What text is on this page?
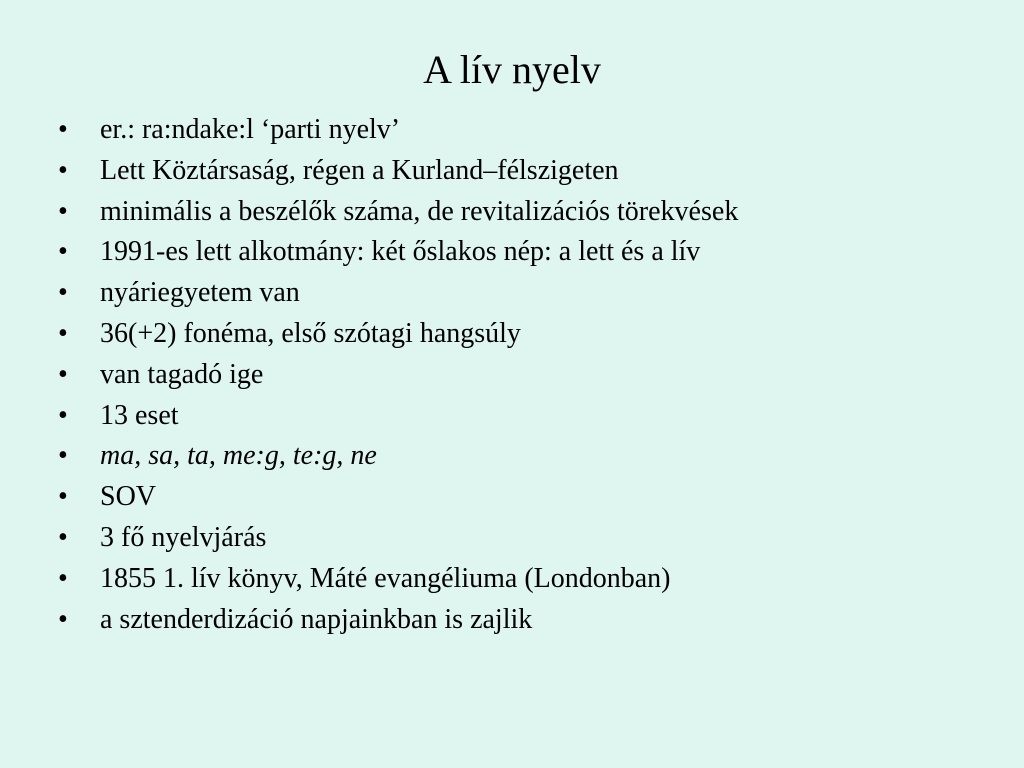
A lív nyelv
•	er.: ra:ndake:l ‘parti nyelv’
•	Lett Köztársaság, régen a Kurland–félszigeten
•	minimális a beszélők száma, de revitalizációs törekvések
•	1991-es lett alkotmány: két őslakos nép: a lett és a lív
•	nyáriegyetem van
•	36(+2) fonéma, első szótagi hangsúly
•	van tagadó ige
•	13 eset
•	ma, sa, ta, me:g, te:g, ne
•	SOV
•	3 fő nyelvjárás
•	1855 1. lív könyv, Máté evangéliuma (Londonban)
•	a sztenderdizáció napjainkban is zajlik
